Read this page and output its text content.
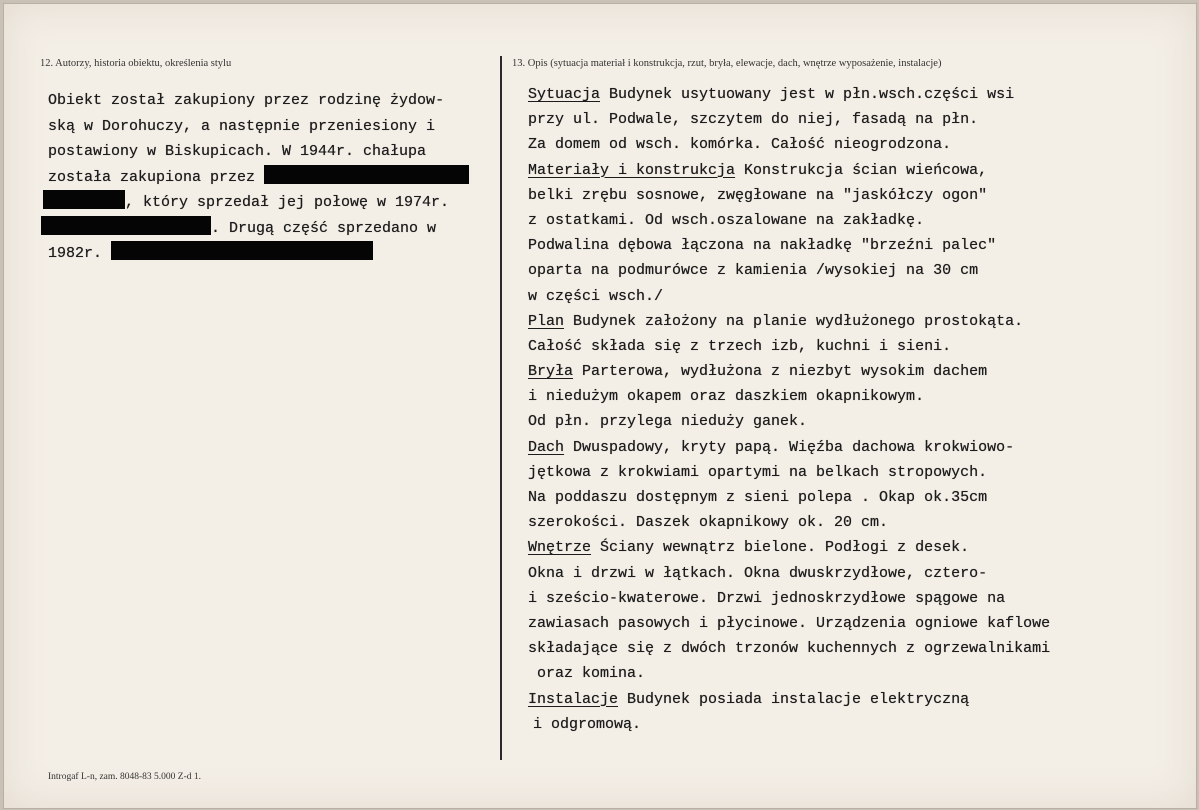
12. Autorzy, historia obiektu, określenia stylu	13. Opis (sytuacja materiał i konstrukcja, rzut, bryła, elewacje, dach, wnętrze wyposażenie, instalacje)
Obiekt został zakupiony przez rodzinę żydow-
ską w Dorohuczy, a następnie przeniesiony i
postawiony w Biskupicach. W 1944r. chałupa
została zakupiona przez
, który sprzedał jej połowę w 1974r.
. Drugą część sprzedano w
1982r.
Sytuacja Budynek usytuowany jest w płn.wsch.części wsi
przy ul. Podwale, szczytem do niej, fasadą na płn.
Za domem od wsch. komórka. Całość nieogrodzona.
Materiały i konstrukcja Konstrukcja ścian wieńcowa,
belki zrębu sosnowe, zwęgłowane na "jaskółczy ogon"
z ostatkami. Od wsch.oszalowane na zakładkę.
Podwalina dębowa łączona na nakładkę "brzeźni palec"
oparta na podmurówce z kamienia /wysokiej na 30 cm
w części wsch./
Plan Budynek założony na planie wydłużonego prostokąta.
Całość składa się z trzech izb, kuchni i sieni.
Bryła Parterowa, wydłużona z niezbyt wysokim dachem
i niedużym okapem oraz daszkiem okapnikowym.
Od płn. przylega nieduży ganek.
Dach Dwuspadowy, kryty papą. Więźba dachowa krokwiowo-
jętkowa z krokwiami opartymi na belkach stropowych.
Na poddaszu dostępnym z sieni polepa . Okap ok.35cm
szerokości. Daszek okapnikowy ok. 20 cm.
Wnętrze Ściany wewnątrz bielone. Podłogi z desek.
Okna i drzwi w łątkach. Okna dwuskrzydłowe, cztero-
i sześcio-kwaterowe. Drzwi jednoskrzydłowe spągowe na
zawiasach pasowych i płycinowe. Urządzenia ogniowe kaflowe
składające się z dwóch trzonów kuchennych z ogrzewalnikami
oraz komina.
Instalacje Budynek posiada instalacje elektryczną
i odgromową.
Introgaf L-n, zam. 8048-83 5.000 Z-d 1.
